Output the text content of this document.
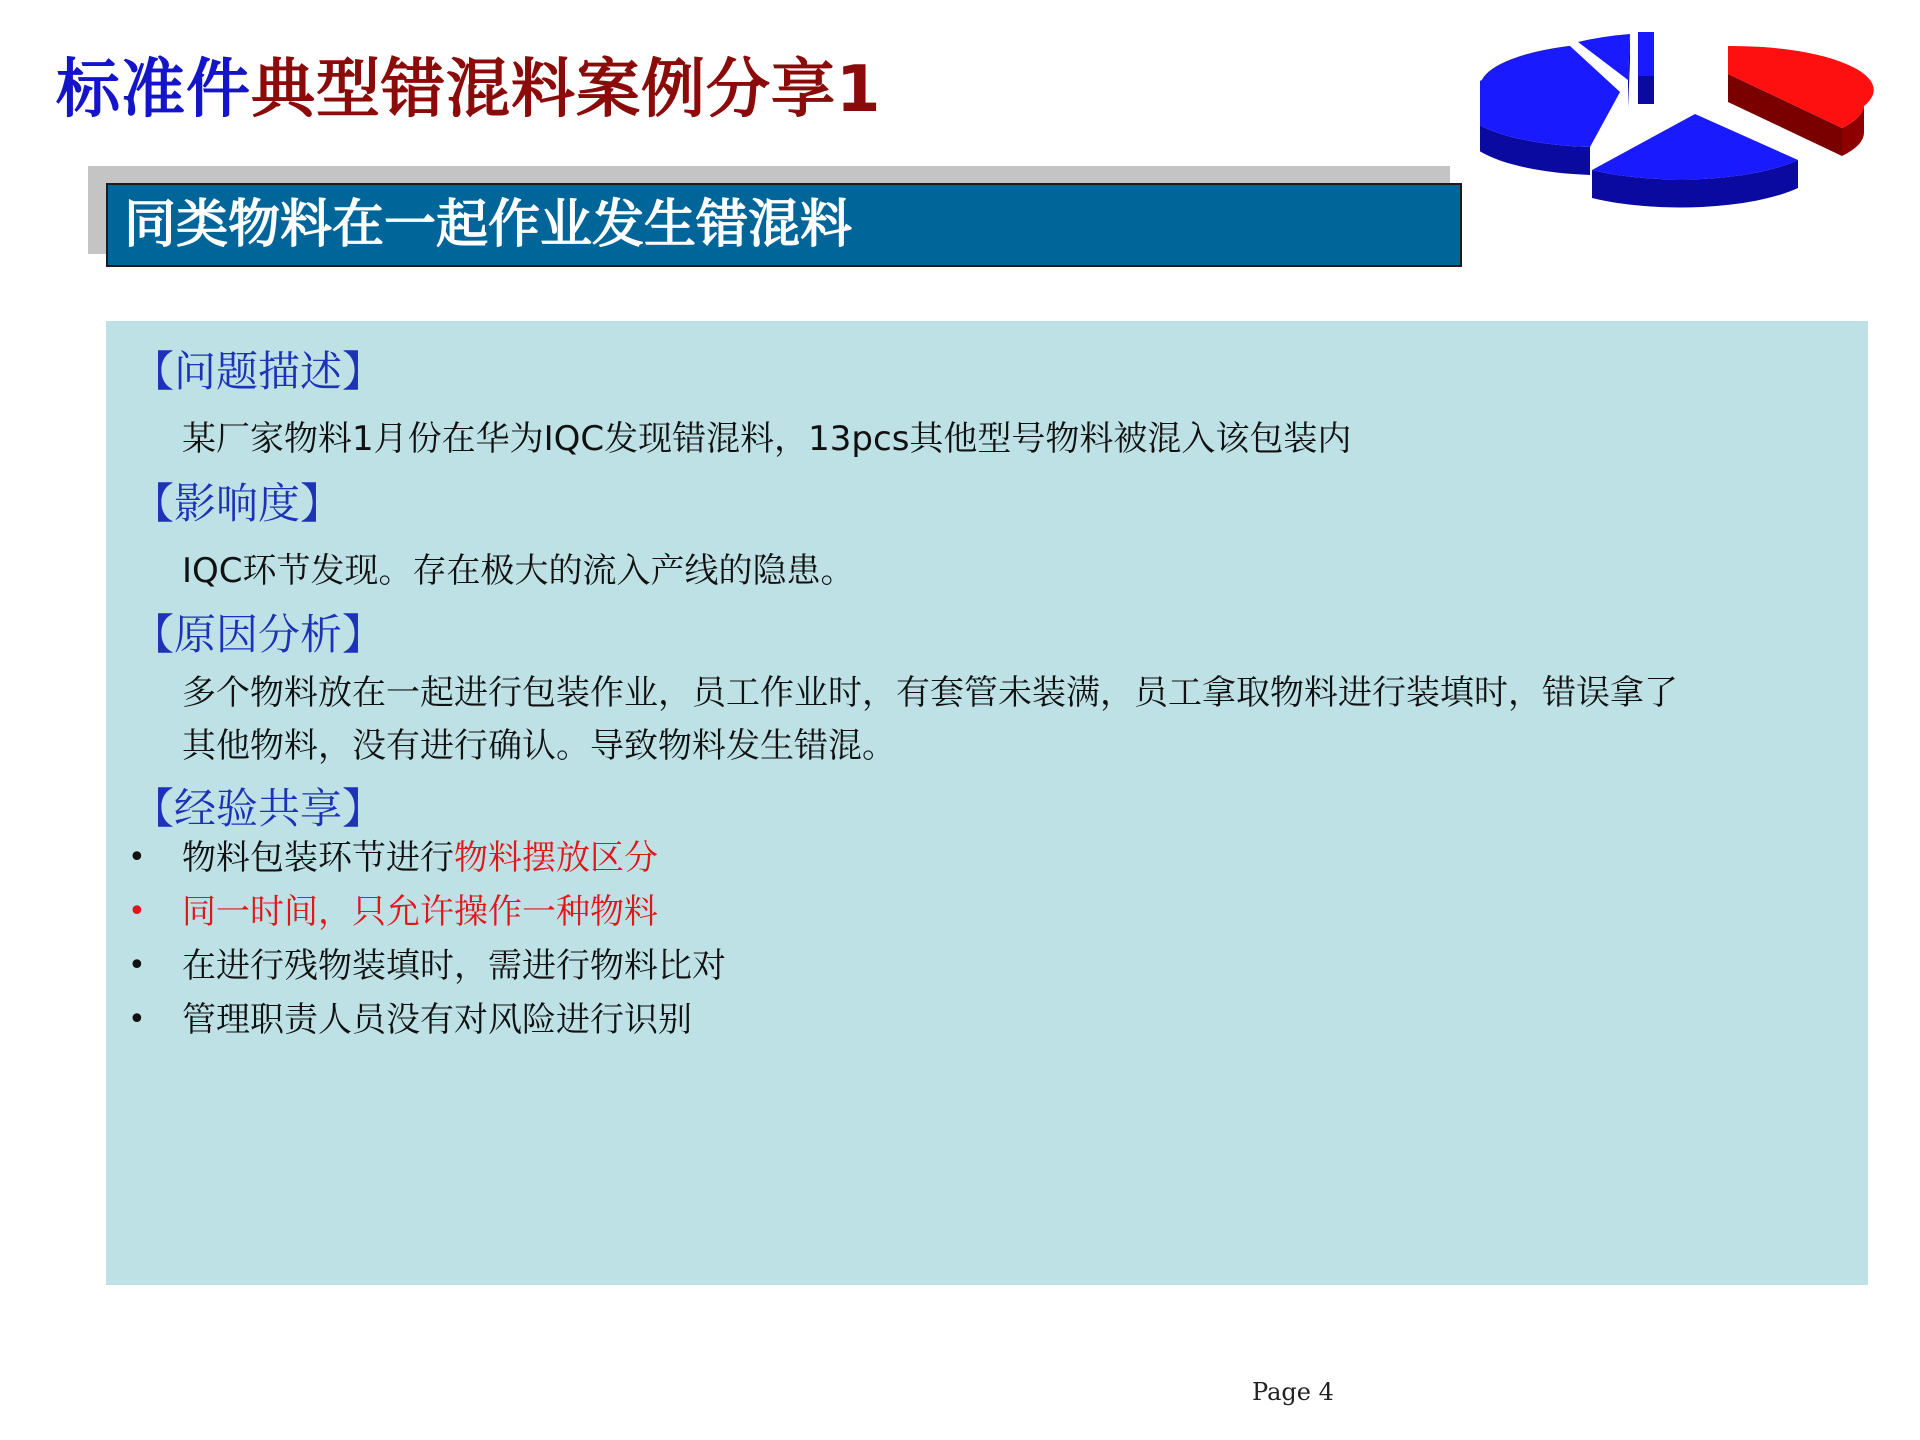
标准件典型错混料案例分享1
同类物料在一起作业发生错混料
【问题描述】
某厂家物料1月份在华为IQC发现错混料，13pcs其他型号物料被混入该包装内
【影响度】
IQC环节发现。存在极大的流入产线的隐患。
【原因分析】
多个物料放在一起进行包装作业，员工作业时，有套管未装满，员工拿取物料进行装填时，错误拿了
其他物料，没有进行确认。导致物料发生错混。
【经验共享】
• 物料包装环节进行物料摆放区分
• 同一时间，只允许操作一种物料
• 在进行残物装填时，需进行物料比对
• 管理职责人员没有对风险进行识别
Page 4
